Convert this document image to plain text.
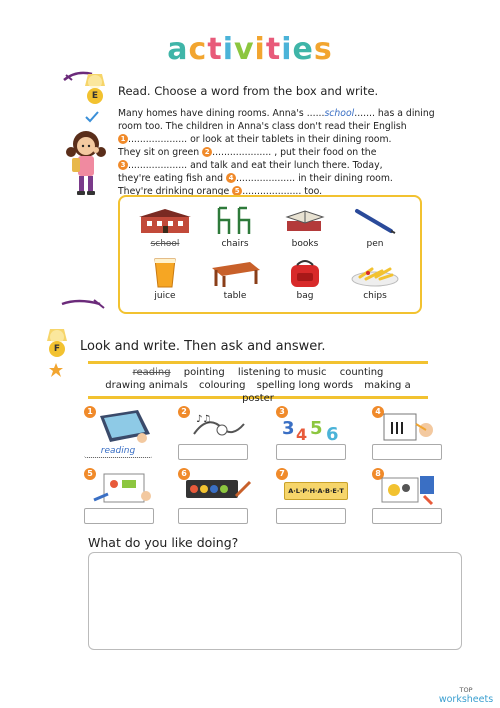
activities
E	Read. Choose a word from the box and write.
Many homes have dining rooms. Anna's ......school....... has a dining
room too. The children in Anna's class don't read their English
1 .................... or look at their tablets in their dining room.
They sit on green 2 .................... , put their food on the
3 .................... and talk and eat their lunch there. Today,
they're eating fish and 4 .................... in their dining room.
They're drinking orange 5 .................... too.
school	chairs	books	pen
juice	table	bag	chips
F	Look and write. Then ask and answer.
reading pointing listening to music counting
drawing animals colouring spelling long words making a poster
1
reading
2
♪♫
3
3 4 5 6
4
5	6	7
A·L·P·H·A·B·E·T
8
What do you like doing?
TOP
worksheets
